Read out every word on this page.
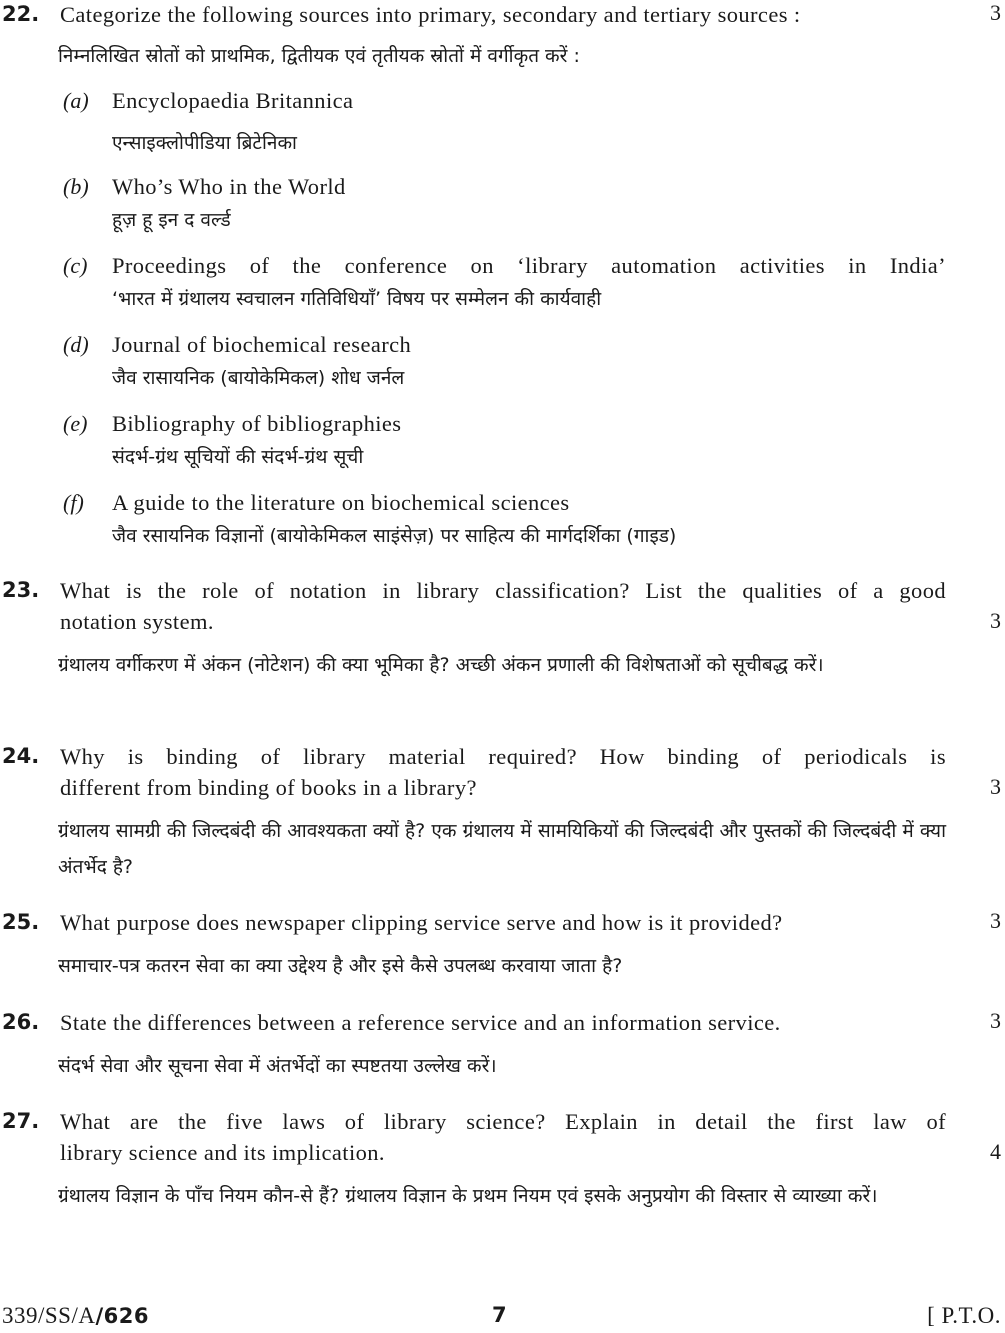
22. Categorize the following sources into primary, secondary and tertiary sources :	3
निम्नलिखित स्रोतों को प्राथमिक, द्वितीयक एवं तृतीयक स्रोतों में वर्गीकृत करें :
(a) Encyclopaedia Britannica
एन्साइक्लोपीडिया ब्रिटेनिका
(b) Who’s Who in the World
हूज़ हू इन द वर्ल्ड
(c) Proceedings of the conference on ‘library automation activities in India’
‘भारत में ग्रंथालय स्वचालन गतिविधियाँ’ विषय पर सम्मेलन की कार्यवाही
(d) Journal of biochemical research
जैव रासायनिक (बायोकेमिकल) शोध जर्नल
(e) Bibliography of bibliographies
संदर्भ-ग्रंथ सूचियों की संदर्भ-ग्रंथ सूची
(f) A guide to the literature on biochemical sciences
जैव रसायनिक विज्ञानों (बायोकेमिकल साइंसेज़) पर साहित्य की मार्गदर्शिका (गाइड)
23. What is the role of notation in library classification? List the qualities of a good
notation system.	3
ग्रंथालय वर्गीकरण में अंकन (नोटेशन) की क्या भूमिका है? अच्छी अंकन प्रणाली की विशेषताओं को सूचीबद्ध करें।
24. Why is binding of library material required? How binding of periodicals is
different from binding of books in a library?	3
ग्रंथालय सामग्री की जिल्दबंदी की आवश्यकता क्यों है? एक ग्रंथालय में सामयिकियों की जिल्दबंदी और पुस्तकों की जिल्दबंदी में क्या अंतर्भेद है?
25. What purpose does newspaper clipping service serve and how is it provided?	3
समाचार-पत्र कतरन सेवा का क्या उद्देश्य है और इसे कैसे उपलब्ध करवाया जाता है?
26. State the differences between a reference service and an information service.	3
संदर्भ सेवा और सूचना सेवा में अंतर्भेदों का स्पष्टतया उल्लेख करें।
27. What are the five laws of library science? Explain in detail the first law of
library science and its implication.	4
ग्रंथालय विज्ञान के पाँच नियम कौन-से हैं? ग्रंथालय विज्ञान के प्रथम नियम एवं इसके अनुप्रयोग की विस्तार से व्याख्या करें।
339/SS/A/626	7	[ P.T.O.
